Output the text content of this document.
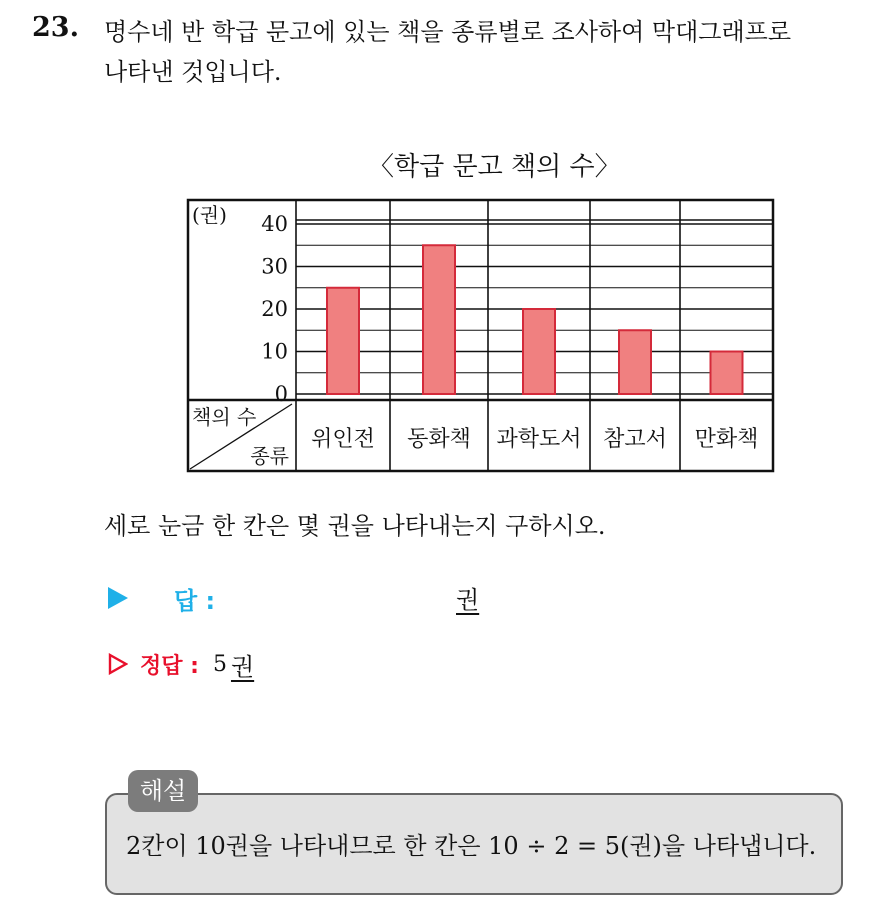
23. 명수네 반 학급 문고에 있는 책을 종류별로 조사하여 막대그래프로
나타낸 것입니다.
〈학급 문고 책의 수〉
40
30
20
10
0
(권)
책의 수
종류
위인전 동화책 과학도서 참고서 만화책
세로 눈금 한 칸은 몇 권을 나타내는지 구하시오.
답 :	권
정답 : 5 권
해설
2칸이 10권을 나타내므로 한 칸은 10 ÷ 2 = 5(권)을 나타냅니다.
